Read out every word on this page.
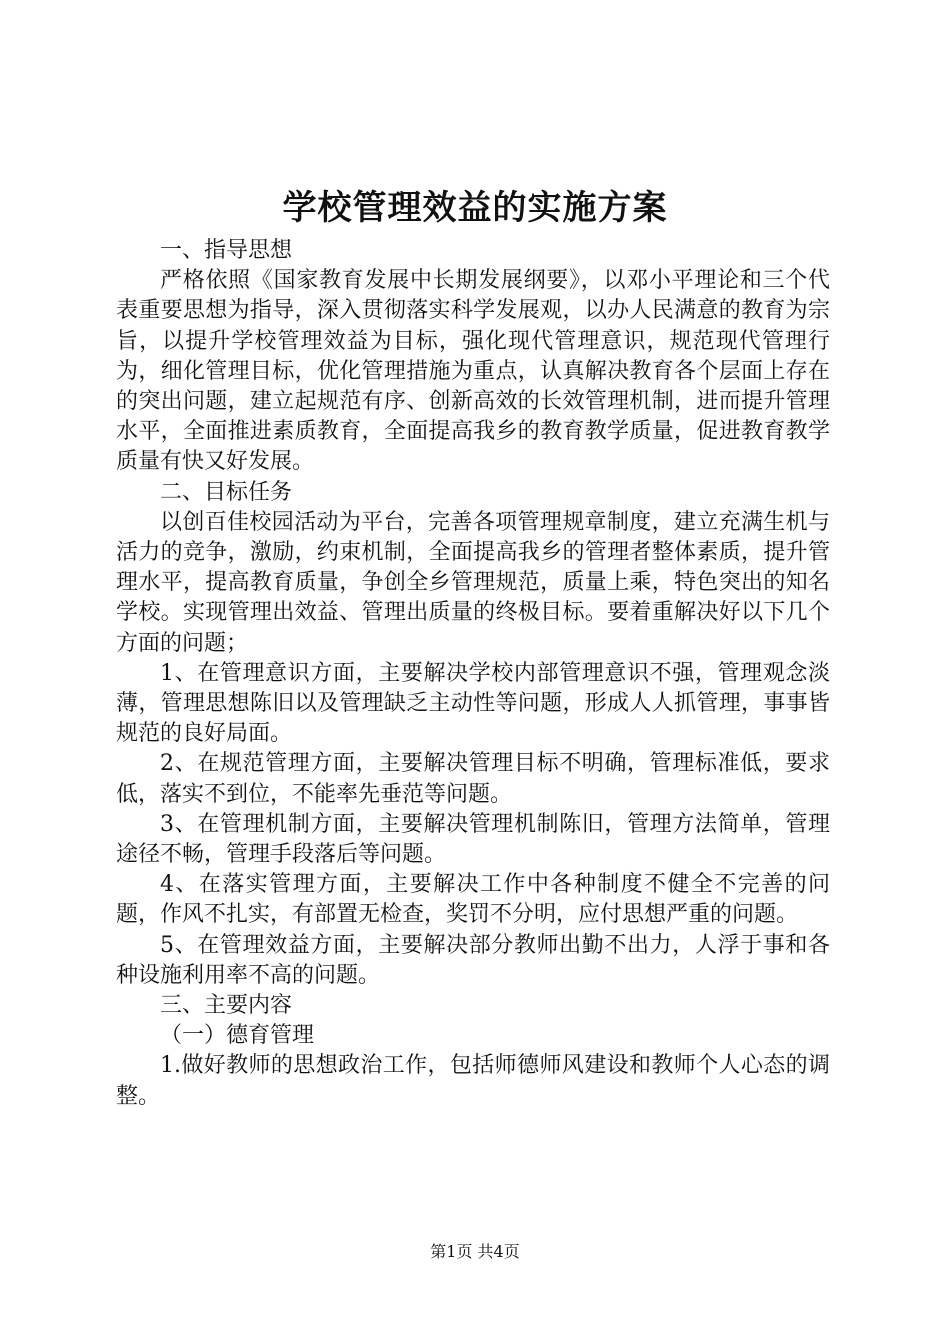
学校管理效益的实施方案

一、指导思想

严格依照《国家教育发展中长期发展纲要》，以邓小平理论和三个代表重要思想为指导，深入贯彻落实科学发展观，以办人民满意的教育为宗旨，以提升学校管理效益为目标，强化现代管理意识，规范现代管理行为，细化管理目标，优化管理措施为重点，认真解决教育各个层面上存在的突出问题，建立起规范有序、创新高效的长效管理机制，进而提升管理水平，全面推进素质教育，全面提高我乡的教育教学质量，促进教育教学质量有快又好发展。

二、目标任务

以创百佳校园活动为平台，完善各项管理规章制度，建立充满生机与活力的竞争，激励，约束机制，全面提高我乡的管理者整体素质，提升管理水平，提高教育质量，争创全乡管理规范，质量上乘，特色突出的知名学校。实现管理出效益、管理出质量的终极目标。要着重解决好以下几个方面的问题；

1、在管理意识方面，主要解决学校内部管理意识不强，管理观念淡薄，管理思想陈旧以及管理缺乏主动性等问题，形成人人抓管理，事事皆规范的良好局面。

2、在规范管理方面，主要解决管理目标不明确，管理标准低，要求低，落实不到位，不能率先垂范等问题。

3、在管理机制方面，主要解决管理机制陈旧，管理方法简单，管理途径不畅，管理手段落后等问题。

4、在落实管理方面，主要解决工作中各种制度不健全不完善的问题，作风不扎实，有部置无检查，奖罚不分明，应付思想严重的问题。

5、在管理效益方面，主要解决部分教师出勤不出力，人浮于事和各种设施利用率不高的问题。

三、主要内容

（一）德育管理

1.做好教师的思想政治工作，包括师德师风建设和教师个人心态的调整。

第1页 共4页
